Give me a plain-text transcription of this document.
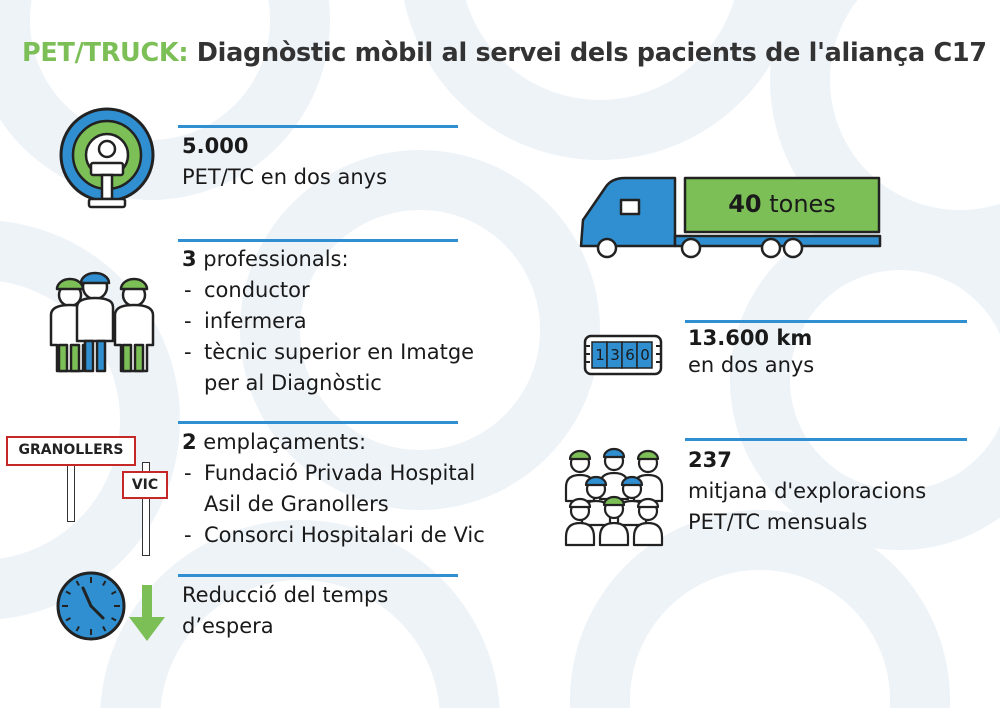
PET/TRUCK: Diagnòstic mòbil al servei dels pacients de l'aliança C17
5.000
PET/TC en dos anys
3 professionals:
- conductor
- infermera
- tècnic superior en Imatge
per al Diagnòstic
GRANOLLERS
VIC
2 emplaçaments:
- Fundació Privada Hospital
Asil de Granollers
- Consorci Hospitalari de Vic
Reducció del temps
d’espera
40 tones
1 3 6 0
13.600 km
en dos anys
237
mitjana d'exploracions
PET/TC mensuals
